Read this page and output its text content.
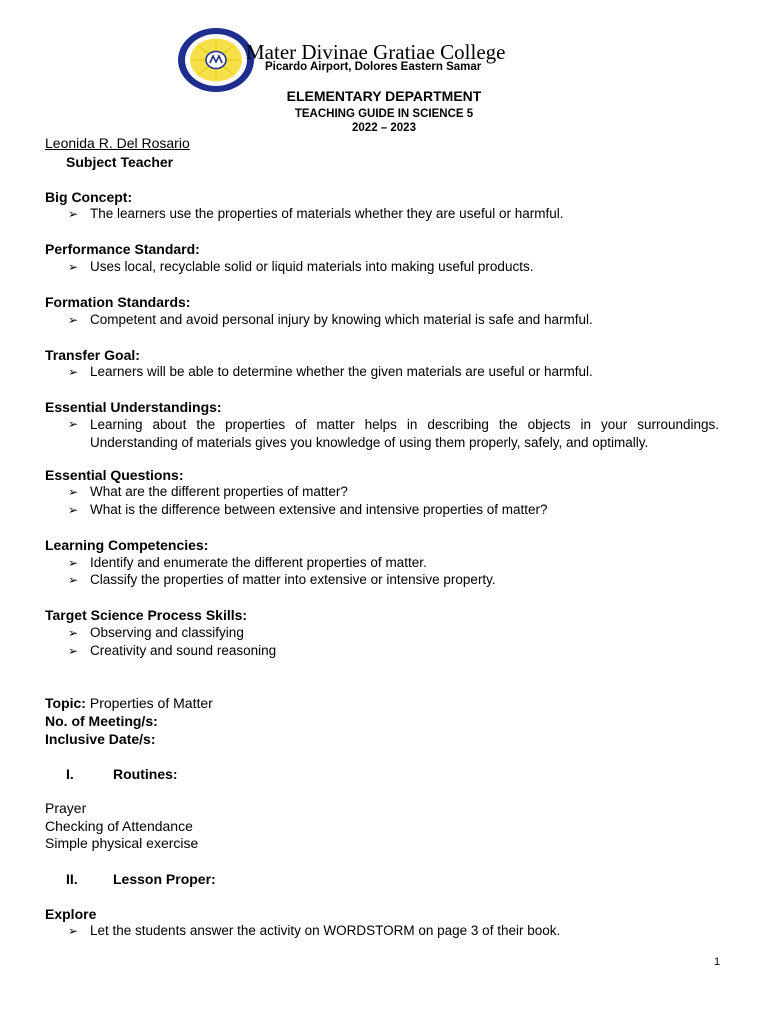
Mater Divinae Gratiae College
Picardo Airport, Dolores Eastern Samar
ELEMENTARY DEPARTMENT
TEACHING GUIDE IN SCIENCE 5
2022 – 2023
Leonida R. Del Rosario
Subject Teacher
Big Concept:
➢ The learners use the properties of materials whether they are useful or harmful.
Performance Standard:
➢ Uses local, recyclable solid or liquid materials into making useful products.
Formation Standards:
➢ Competent and avoid personal injury by knowing which material is safe and harmful.
Transfer Goal:
➢ Learners will be able to determine whether the given materials are useful or harmful.
Essential Understandings:
➢ Learning about the properties of matter helps in describing the objects in your surroundings. Understanding of materials gives you knowledge of using them properly, safely, and optimally.
Essential Questions:
➢ What are the different properties of matter?
➢ What is the difference between extensive and intensive properties of matter?
Learning Competencies:
➢ Identify and enumerate the different properties of matter.
➢ Classify the properties of matter into extensive or intensive property.
Target Science Process Skills:
➢ Observing and classifying
➢ Creativity and sound reasoning
Topic: Properties of Matter
No. of Meeting/s:
Inclusive Date/s:
I.	Routines:
Prayer
Checking of Attendance
Simple physical exercise
II.	Lesson Proper:
Explore
➢ Let the students answer the activity on WORDSTORM on page 3 of their book.
1
